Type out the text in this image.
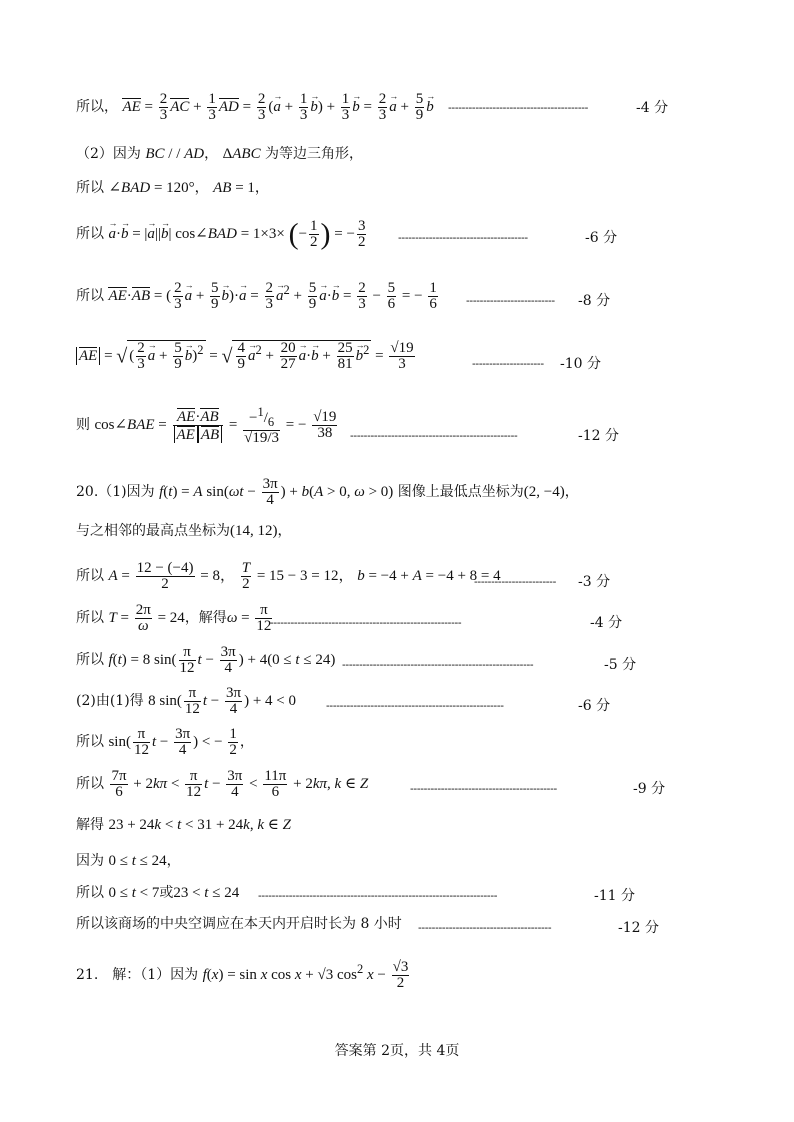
所以， AE = $\frac{2}{3}$ AC + $\frac{1}{3}$ AD = $\frac{2}{3}$ (→ $a + \frac{1}{3}$
→ $b) + \frac{1}{3}$
→ $b = \frac{2}{3}$
→ $a + \frac{5}{9}$
→ b -----------------------------------------	-4 分
（2）因为 BC / / AD， ΔABC 为等边三角形，
所以 ∠BAD = 120°， AB = 1，
所以 → a·→ b = |→ a||→ b| cos∠BAD = 1×3× (− $\frac{1}{2}$ ) = − $\frac{3}{2}$	--------------------------------------	-6 分
所以 AE·AB = ( $\frac{2}{3}$
→ $a + \frac{5}{9}$
→ $b)\cdot\to a = \frac{2}{3}$
→ $a^2 + \frac{5}{9}$
→ $a\cdot\to b = \frac{2}{3} - \frac{5}{6}$ = − $\frac{1}{6}$	-------------------------- -8 分
AE = √ ( $\frac{2}{3}$
→ $a + \frac{5}{9}$
→ b)$^2$ = √ $\frac{4}{9}$
→ $a^2 + \frac{20}{27}$
→ $a\cdot\to b + \frac{25}{81}$
→ $b^2 = \frac{√19}{3}$	--------------------- -10 分
则 cos∠BAE = $\frac{AE\cdot AB}{\text{AE AB}} = \frac{-^1/_6}{√19/3}$ = − $\frac{√19}{38}$ -------------------------------------------------	-12 分
20.（1)因为 f(t) = A $\sin(\omega t - \frac{3\pi}{4}$ ) + b(A > 0, ω > 0) 图像上最低点坐标为(2, −4)，
与之相邻的最高点坐标为(14, 12)，
所以 $A = \frac{12 - (-4)}{2} = 8$， $\frac{T}{2} = 15 - 3 = 12$， b = −4 + A = −4 + 8 = 4
------------------------ -3 分
所以 $T = \frac{2\pi}{\omega} = 24$，解得$\omega = \frac{\pi}{12}$
--------------------------------------------------------	-4 分
所以 f(t) = 8 $\sin( \frac{\pi}{12}$ $t - \frac{3\pi}{4}$ ) + 4(0 ≤ t ≤ 24) --------------------------------------------------------	-5 分
(2)由(1)得 8 $\sin( \frac{\pi}{12}$ $t - \frac{3\pi}{4}$ ) + 4 < 0	----------------------------------------------------	-6 分
所以 $\sin( \frac{\pi}{12}$ $t - \frac{3\pi}{4}$ ) < − $\frac{1}{2}$ ，
所以 $\frac{7\pi}{6} + 2k\pi < \frac{\pi}{12}$ $t - \frac{3\pi}{4} < \frac{11\pi}{6} + 2k\pi$, k ∈ Z	-------------------------------------------	-9 分
解得 23 + 24k < t < 31 + 24k, k ∈ Z
因为 0 ≤ t ≤ 24，
所以 0 ≤ t < 7或23 < t ≤ 24 ----------------------------------------------------------------------	-11 分
所以该商场的中央空调应在本天内开启时长为 8 小时 ---------------------------------------	-12 分
21.　解：（1）因为 f(x) = sin x cos x + √3 $\cos^2 x - \frac{√3}{2}$
答案第 2页，共 4页
